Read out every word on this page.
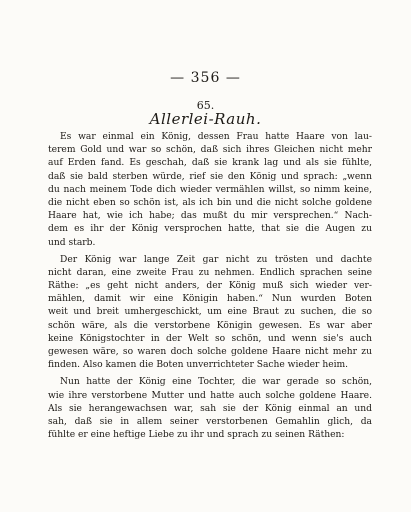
— 356 —
65.
Allerlei-Rauh.
Es war einmal ein König, dessen Frau hatte Haare von lau-
terem Gold und war so schön, daß sich ihres Gleichen nicht mehr
auf Erden fand. Es geschah, daß sie krank lag und als sie fühlte,
daß sie bald sterben würde, rief sie den König und sprach: „wenn
du nach meinem Tode dich wieder vermählen willst, so nimm keine,
die nicht eben so schön ist, als ich bin und die nicht solche goldene
Haare hat, wie ich habe; das mußt du mir versprechen.“ Nach-
dem es ihr der König versprochen hatte, that sie die Augen zu
und starb.
Der König war lange Zeit gar nicht zu trösten und dachte
nicht daran, eine zweite Frau zu nehmen. Endlich sprachen seine
Räthe: „es geht nicht anders, der König muß sich wieder ver-
mählen, damit wir eine Königin haben.“ Nun wurden Boten
weit und breit umhergeschickt, um eine Braut zu suchen, die so
schön wäre, als die verstorbene Königin gewesen. Es war aber
keine Königstochter in der Welt so schön, und wenn sie's auch
gewesen wäre, so waren doch solche goldene Haare nicht mehr zu
finden. Also kamen die Boten unverrichteter Sache wieder heim.
Nun hatte der König eine Tochter, die war gerade so schön,
wie ihre verstorbene Mutter und hatte auch solche goldene Haare.
Als sie herangewachsen war, sah sie der König einmal an und
sah, daß sie in allem seiner verstorbenen Gemahlin glich, da
fühlte er eine heftige Liebe zu ihr und sprach zu seinen Räthen:
